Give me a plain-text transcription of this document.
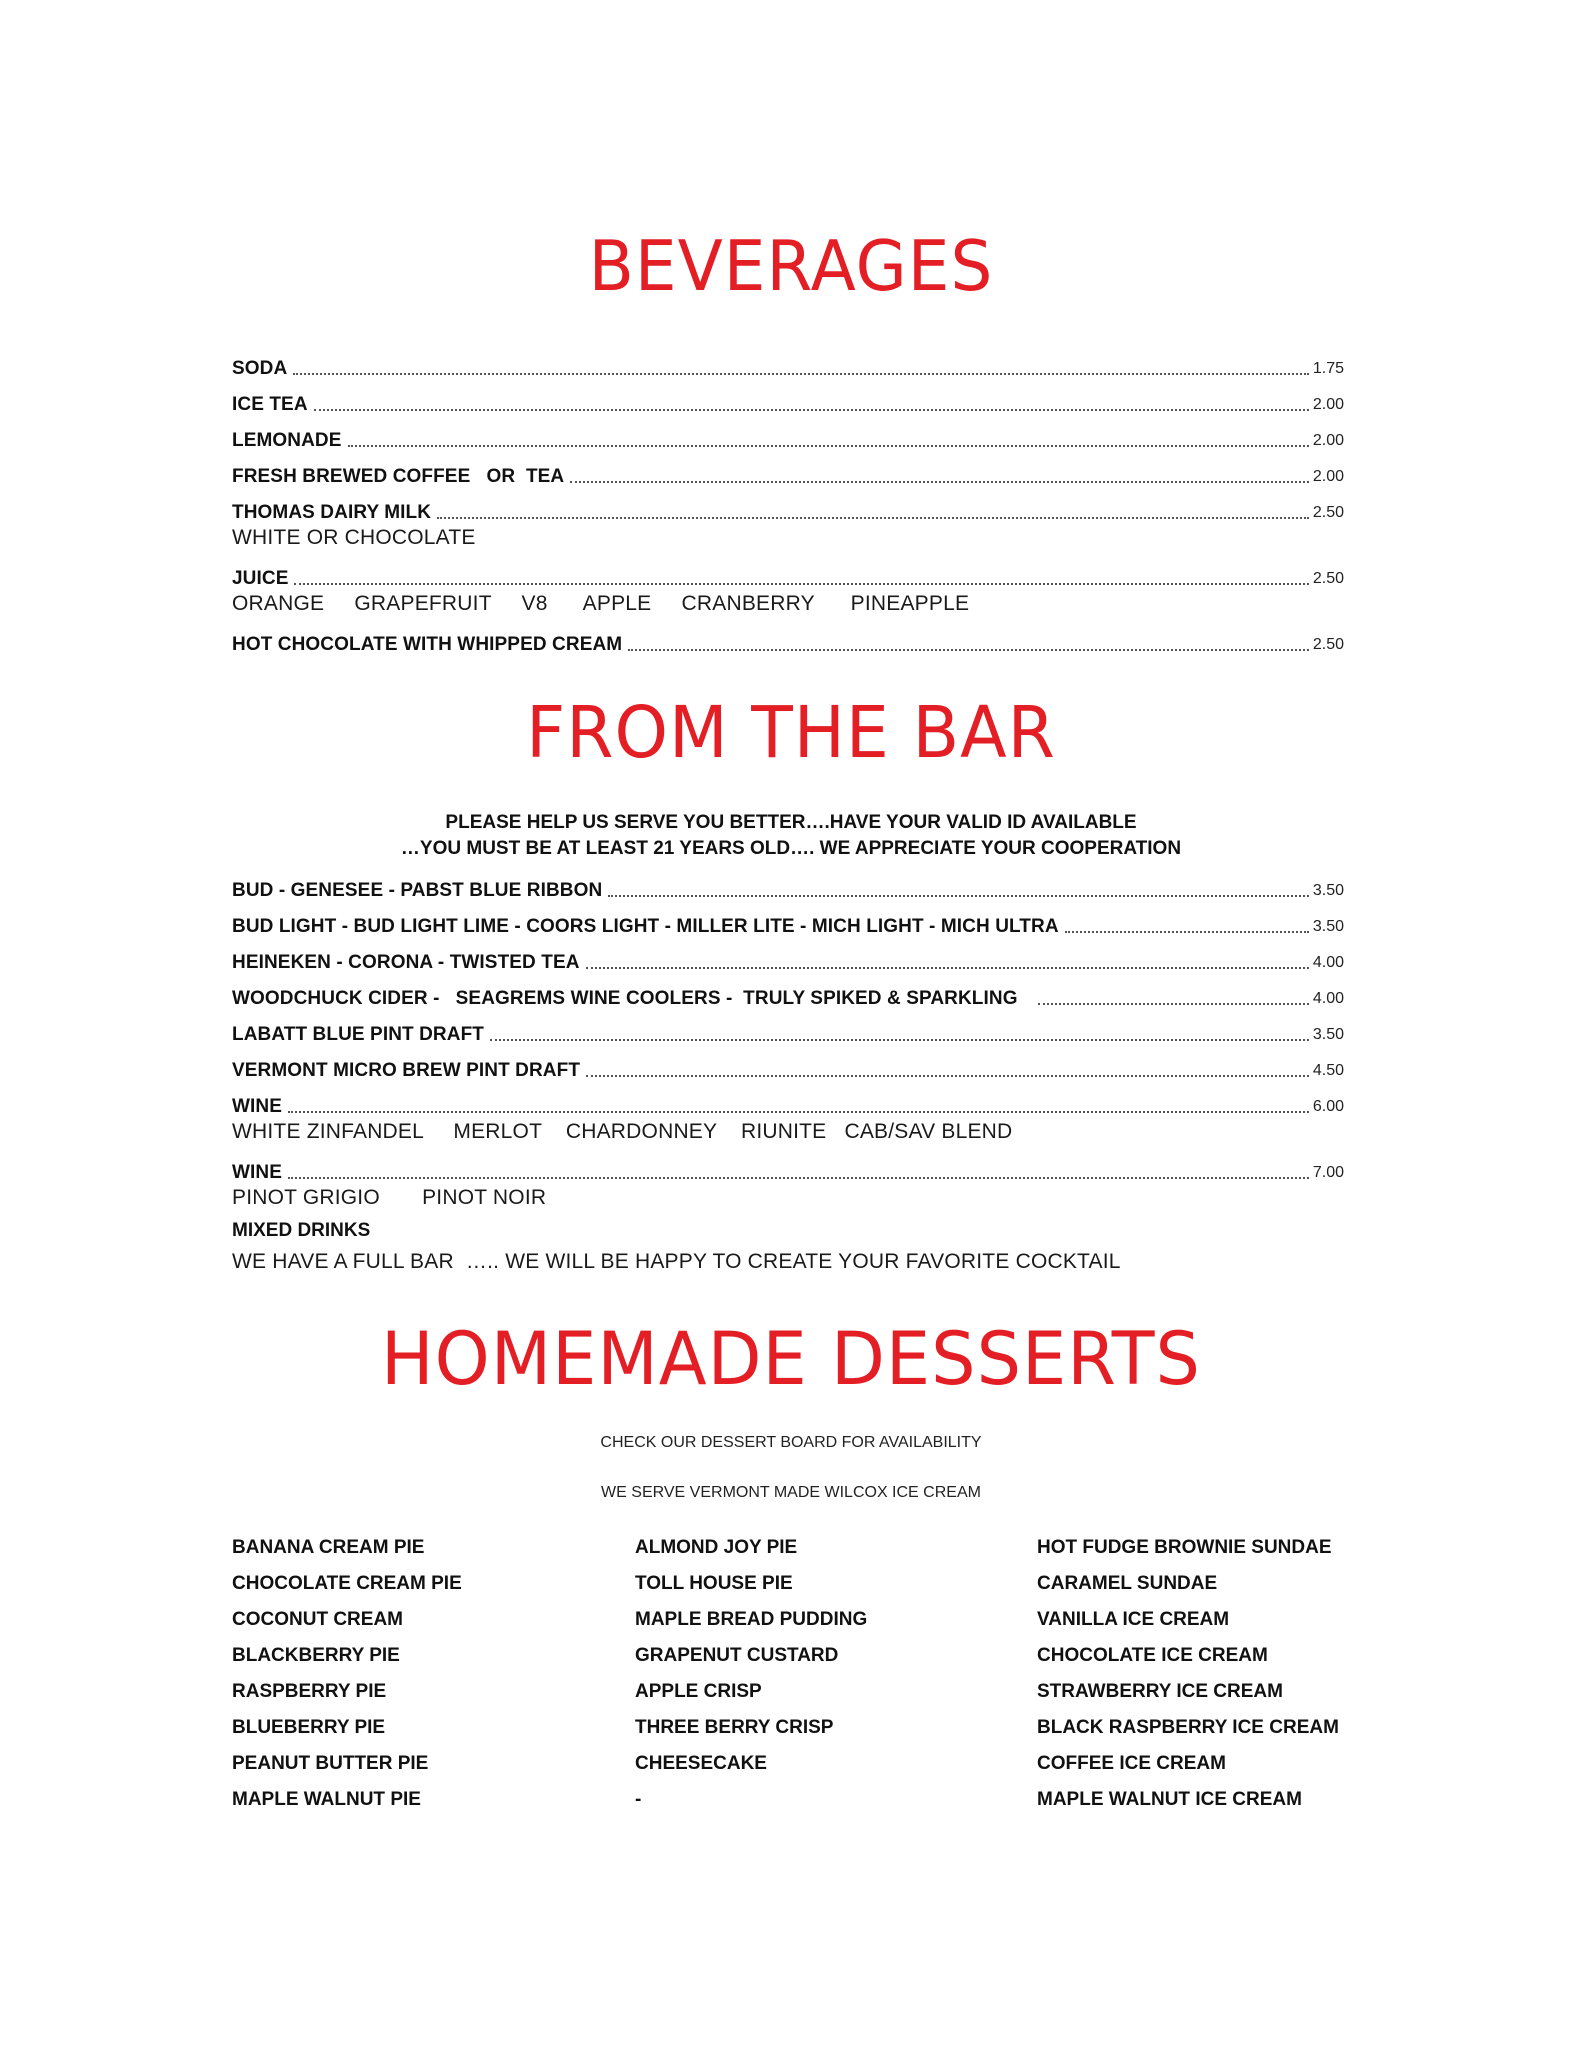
BEVERAGES
SODA	1.75
ICE TEA	2.00
LEMONADE	2.00
FRESH BREWED COFFEE   OR  TEA	2.00
THOMAS DAIRY MILK	2.50
WHITE OR CHOCOLATE
JUICE	2.50
ORANGE     GRAPEFRUIT     V8      APPLE     CRANBERRY      PINEAPPLE
HOT CHOCOLATE WITH WHIPPED CREAM	2.50
FROM THE BAR
PLEASE HELP US SERVE YOU BETTER….HAVE YOUR VALID ID AVAILABLE
…YOU MUST BE AT LEAST 21 YEARS OLD…. WE APPRECIATE YOUR COOPERATION
BUD - GENESEE - PABST BLUE RIBBON	3.50
BUD LIGHT - BUD LIGHT LIME - COORS LIGHT - MILLER LITE - MICH LIGHT - MICH ULTRA	3.50
HEINEKEN - CORONA - TWISTED TEA	4.00
WOODCHUCK CIDER -   SEAGREMS WINE COOLERS -  TRULY SPIKED & SPARKLING	4.00
LABATT BLUE PINT DRAFT	3.50
VERMONT MICRO BREW PINT DRAFT	4.50
WINE	6.00
WHITE ZINFANDEL     MERLOT    CHARDONNEY    RIUNITE   CAB/SAV BLEND
WINE	7.00
PINOT GRIGIO       PINOT NOIR
MIXED DRINKS
WE HAVE A FULL BAR  ….. WE WILL BE HAPPY TO CREATE YOUR FAVORITE COCKTAIL
HOMEMADE DESSERTS
CHECK OUR DESSERT BOARD FOR AVAILABILITY
WE SERVE VERMONT MADE WILCOX ICE CREAM
BANANA CREAM PIE
CHOCOLATE CREAM PIE
COCONUT CREAM
BLACKBERRY PIE
RASPBERRY PIE
BLUEBERRY PIE
PEANUT BUTTER PIE
MAPLE WALNUT PIE
ALMOND JOY PIE
TOLL HOUSE PIE
MAPLE BREAD PUDDING
GRAPENUT CUSTARD
APPLE CRISP
THREE BERRY CRISP
CHEESECAKE
-
HOT FUDGE BROWNIE SUNDAE
CARAMEL SUNDAE
VANILLA ICE CREAM
CHOCOLATE ICE CREAM
STRAWBERRY ICE CREAM
BLACK RASPBERRY ICE CREAM
COFFEE ICE CREAM
MAPLE WALNUT ICE CREAM
